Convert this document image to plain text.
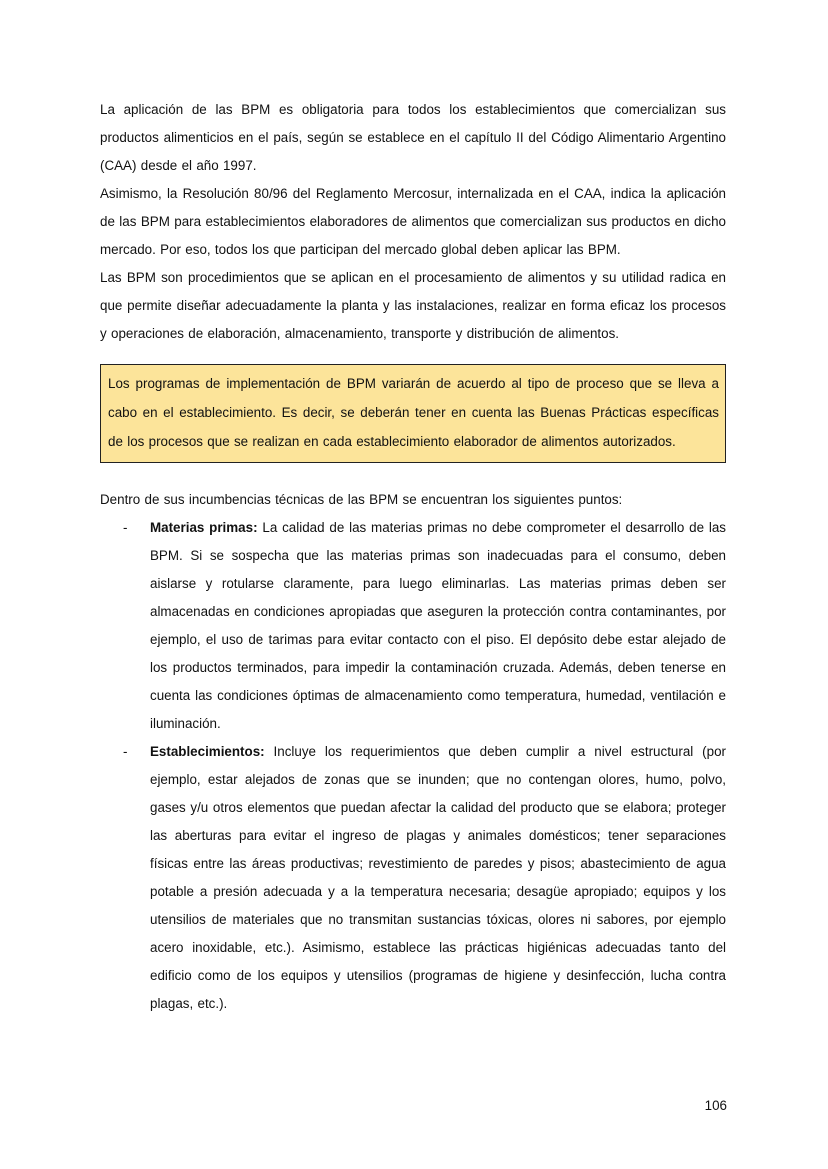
La aplicación de las BPM es obligatoria para todos los establecimientos que comercializan sus productos alimenticios en el país, según se establece en el capítulo II del Código Alimentario Argentino (CAA) desde el año 1997.

Asimismo, la Resolución 80/96 del Reglamento Mercosur, internalizada en el CAA, indica la aplicación de las BPM para establecimientos elaboradores de alimentos que comercializan sus productos en dicho mercado. Por eso, todos los que participan del mercado global deben aplicar las BPM.

Las BPM son procedimientos que se aplican en el procesamiento de alimentos y su utilidad radica en que permite diseñar adecuadamente la planta y las instalaciones, realizar en forma eficaz los procesos y operaciones de elaboración, almacenamiento, transporte y distribución de alimentos.

Los programas de implementación de BPM variarán de acuerdo al tipo de proceso que se lleva a cabo en el establecimiento. Es decir, se deberán tener en cuenta las Buenas Prácticas específicas de los procesos que se realizan en cada establecimiento elaborador de alimentos autorizados.

Dentro de sus incumbencias técnicas de las BPM se encuentran los siguientes puntos:

- Materias primas: La calidad de las materias primas no debe comprometer el desarrollo de las BPM. Si se sospecha que las materias primas son inadecuadas para el consumo, deben aislarse y rotularse claramente, para luego eliminarlas. Las materias primas deben ser almacenadas en condiciones apropiadas que aseguren la protección contra contaminantes, por ejemplo, el uso de tarimas para evitar contacto con el piso. El depósito debe estar alejado de los productos terminados, para impedir la contaminación cruzada. Además, deben tenerse en cuenta las condiciones óptimas de almacenamiento como temperatura, humedad, ventilación e iluminación.

- Establecimientos: Incluye los requerimientos que deben cumplir a nivel estructural (por ejemplo, estar alejados de zonas que se inunden; que no contengan olores, humo, polvo, gases y/u otros elementos que puedan afectar la calidad del producto que se elabora; proteger las aberturas para evitar el ingreso de plagas y animales domésticos; tener separaciones físicas entre las áreas productivas; revestimiento de paredes y pisos; abastecimiento de agua potable a presión adecuada y a la temperatura necesaria; desagüe apropiado; equipos y los utensilios de materiales que no transmitan sustancias tóxicas, olores ni sabores, por ejemplo acero inoxidable, etc.). Asimismo, establece las prácticas higiénicas adecuadas tanto del edificio como de los equipos y utensilios (programas de higiene y desinfección, lucha contra plagas, etc.).

106
